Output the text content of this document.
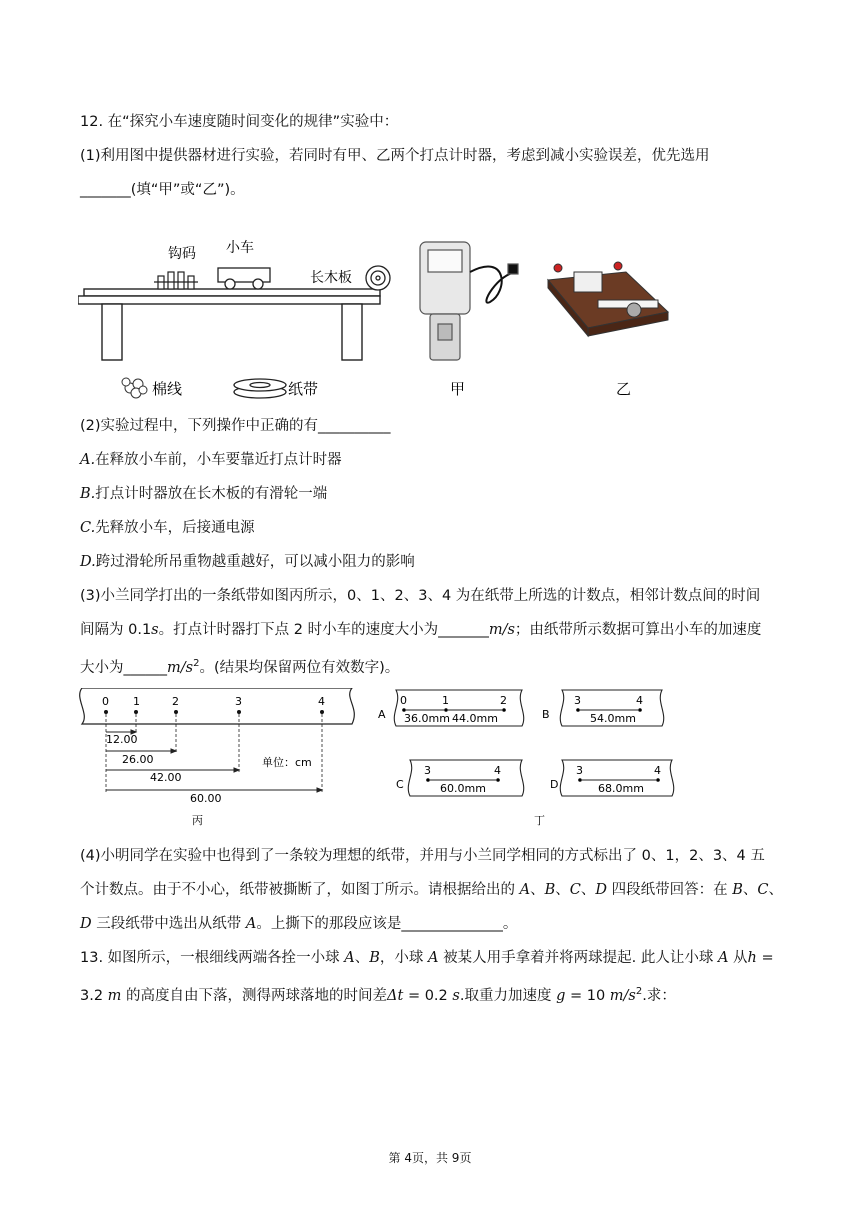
12. 在“探究小车速度随时间变化的规律”实验中：
(1)利用图中提供器材进行实验，若同时有甲、乙两个打点计时器，考虑到减小实验误差，优先选用
_______(填“甲”或“乙”)。
钩码 小车
长木板
棉线	纸带	甲	乙
(2)实验过程中，下列操作中正确的有__________
A.在释放小车前，小车要靠近打点计时器
B.打点计时器放在长木板的有滑轮一端
C.先释放小车，后接通电源
D.跨过滑轮所吊重物越重越好，可以减小阻力的影响
(3)小兰同学打出的一条纸带如图丙所示，0、1、2、3、4 为在纸带上所选的计数点，相邻计数点间的时间
间隔为 0.1s。打点计时器打下点 2 时小车的速度大小为_______m/s；由纸带所示数据可算出小车的加速度
大小为$\_\_\_\_\_\_m/s^2$。(结果均保留两位有效数字)。
0 1	2	3	4
12.00
26.00
42.00
60.00
单位：cm
丙
A
0	1	2
36.0mm 44.0mm	B
3	4
54.0mm
C
3	4
60.0mm	D
3	4
68.0mm
丁
(4)小明同学在实验中也得到了一条较为理想的纸带，并用与小兰同学相同的方式标出了 0、1，2、3、4 五
个计数点。由于不小心，纸带被撕断了，如图丁所示。请根据给出的 A、B、C、D 四段纸带回答：在 B、C、
D 三段纸带中选出从纸带 A。上撕下的那段应该是______________。
13. 如图所示，一根细线两端各拴一小球 A、B，小球 A 被某人用手拿着并将两球提起. 此人让小球 A 从h =
3.2 m 的高度自由下落，测得两球落地的时间差Δt = 0.2 s.取重力加速度 g = 10 $m/s^2$.求：
第 4页，共 9页
